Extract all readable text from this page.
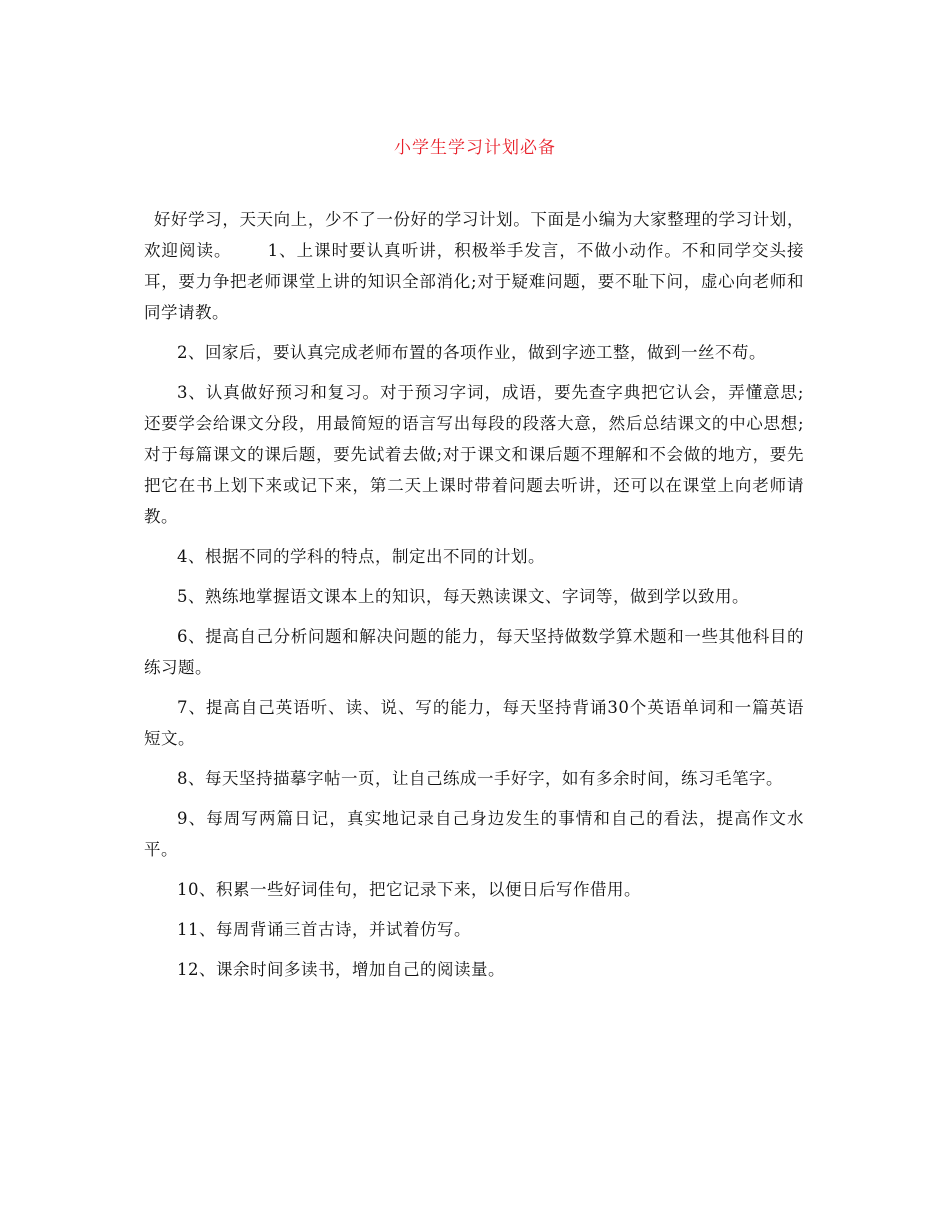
小学生学习计划必备

好好学习，天天向上，少不了一份好的学习计划。下面是小编为大家整理的学习计划，欢迎阅读。 1、上课时要认真听讲，积极举手发言，不做小动作。不和同学交头接耳，要力争把老师课堂上讲的知识全部消化;对于疑难问题，要不耻下问，虚心向老师和同学请教。

2、回家后，要认真完成老师布置的各项作业，做到字迹工整，做到一丝不苟。

3、认真做好预习和复习。对于预习字词，成语，要先查字典把它认会，弄懂意思;还要学会给课文分段，用最简短的语言写出每段的段落大意，然后总结课文的中心思想;对于每篇课文的课后题，要先试着去做;对于课文和课后题不理解和不会做的地方，要先把它在书上划下来或记下来，第二天上课时带着问题去听讲，还可以在课堂上向老师请教。

4、根据不同的学科的特点，制定出不同的计划。

5、熟练地掌握语文课本上的知识，每天熟读课文、字词等，做到学以致用。

6、提高自己分析问题和解决问题的能力，每天坚持做数学算术题和一些其他科目的练习题。

7、提高自己英语听、读、说、写的能力，每天坚持背诵30个英语单词和一篇英语短文。

8、每天坚持描摹字帖一页，让自己练成一手好字，如有多余时间，练习毛笔字。

9、每周写两篇日记，真实地记录自己身边发生的事情和自己的看法，提高作文水平。

10、积累一些好词佳句，把它记录下来，以便日后写作借用。

11、每周背诵三首古诗，并试着仿写。

12、课余时间多读书，增加自己的阅读量。
